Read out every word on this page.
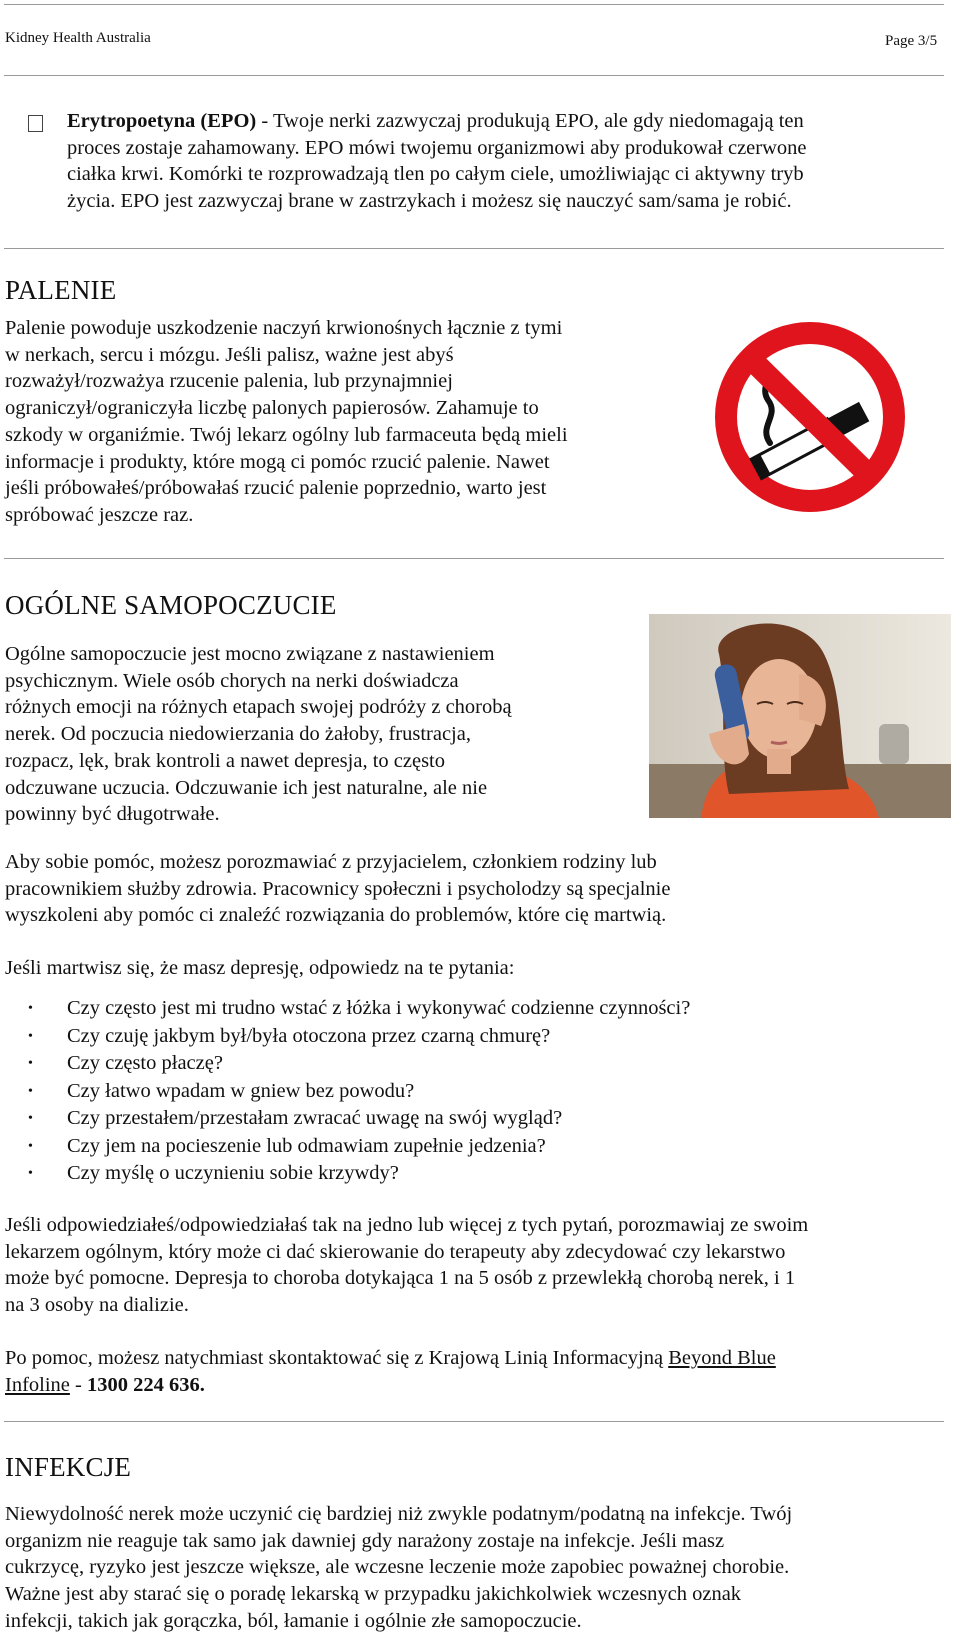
Kidney Health Australia	Page 3/5
Erytropoetyna (EPO) - Twoje nerki zazwyczaj produkują EPO, ale gdy niedomagają ten
proces zostaje zahamowany. EPO mówi twojemu organizmowi aby produkował czerwone
ciałka krwi. Komórki te rozprowadzają tlen po całym ciele, umożliwiając ci aktywny tryb
życia. EPO jest zazwyczaj brane w zastrzykach i możesz się nauczyć sam/sama je robić.
PALENIE
Palenie powoduje uszkodzenie naczyń krwionośnych łącznie z tymi
w nerkach, sercu i mózgu. Jeśli palisz, ważne jest abyś
rozważył/rozważya rzucenie palenia, lub przynajmniej
ograniczył/ograniczyła liczbę palonych papierosów. Zahamuje to
szkody w organiźmie. Twój lekarz ogólny lub farmaceuta będą mieli
informacje i produkty, które mogą ci pomóc rzucić palenie. Nawet
jeśli próbowałeś/próbowałaś rzucić palenie poprzednio, warto jest
spróbować jeszcze raz.
OGÓLNE SAMOPOCZUCIE
Ogólne samopoczucie jest mocno związane z nastawieniem
psychicznym. Wiele osób chorych na nerki doświadcza
różnych emocji na różnych etapach swojej podróży z chorobą
nerek. Od poczucia niedowierzania do żałoby, frustracja,
rozpacz, lęk, brak kontroli a nawet depresja, to często
odczuwane uczucia. Odczuwanie ich jest naturalne, ale nie
powinny być długotrwałe.
Aby sobie pomóc, możesz porozmawiać z przyjacielem, członkiem rodziny lub
pracownikiem służby zdrowia. Pracownicy społeczni i psycholodzy są specjalnie
wyszkoleni aby pomóc ci znaleźć rozwiązania do problemów, które cię martwią.
Jeśli martwisz się, że masz depresję, odpowiedz na te pytania:
• Czy często jest mi trudno wstać z łóżka i wykonywać codzienne czynności?
• Czy czuję jakbym był/była otoczona przez czarną chmurę?
• Czy często płaczę?
• Czy łatwo wpadam w gniew bez powodu?
• Czy przestałem/przestałam zwracać uwagę na swój wygląd?
• Czy jem na pocieszenie lub odmawiam zupełnie jedzenia?
• Czy myślę o uczynieniu sobie krzywdy?
Jeśli odpowiedziałeś/odpowiedziałaś tak na jedno lub więcej z tych pytań, porozmawiaj ze swoim
lekarzem ogólnym, który może ci dać skierowanie do terapeuty aby zdecydować czy lekarstwo
może być pomocne. Depresja to choroba dotykająca 1 na 5 osób z przewlekłą chorobą nerek, i 1
na 3 osoby na dializie.
Po pomoc, możesz natychmiast skontaktować się z Krajową Linią Informacyjną Beyond Blue
Infoline - 1300 224 636.
INFEKCJE
Niewydolność nerek może uczynić cię bardziej niż zwykle podatnym/podatną na infekcje. Twój
organizm nie reaguje tak samo jak dawniej gdy narażony zostaje na infekcje. Jeśli masz
cukrzycę, ryzyko jest jeszcze większe, ale wczesne leczenie może zapobiec poważnej chorobie.
Ważne jest aby starać się o poradę lekarską w przypadku jakichkolwiek wczesnych oznak
infekcji, takich jak gorączka, ból, łamanie i ogólnie złe samopoczucie.
